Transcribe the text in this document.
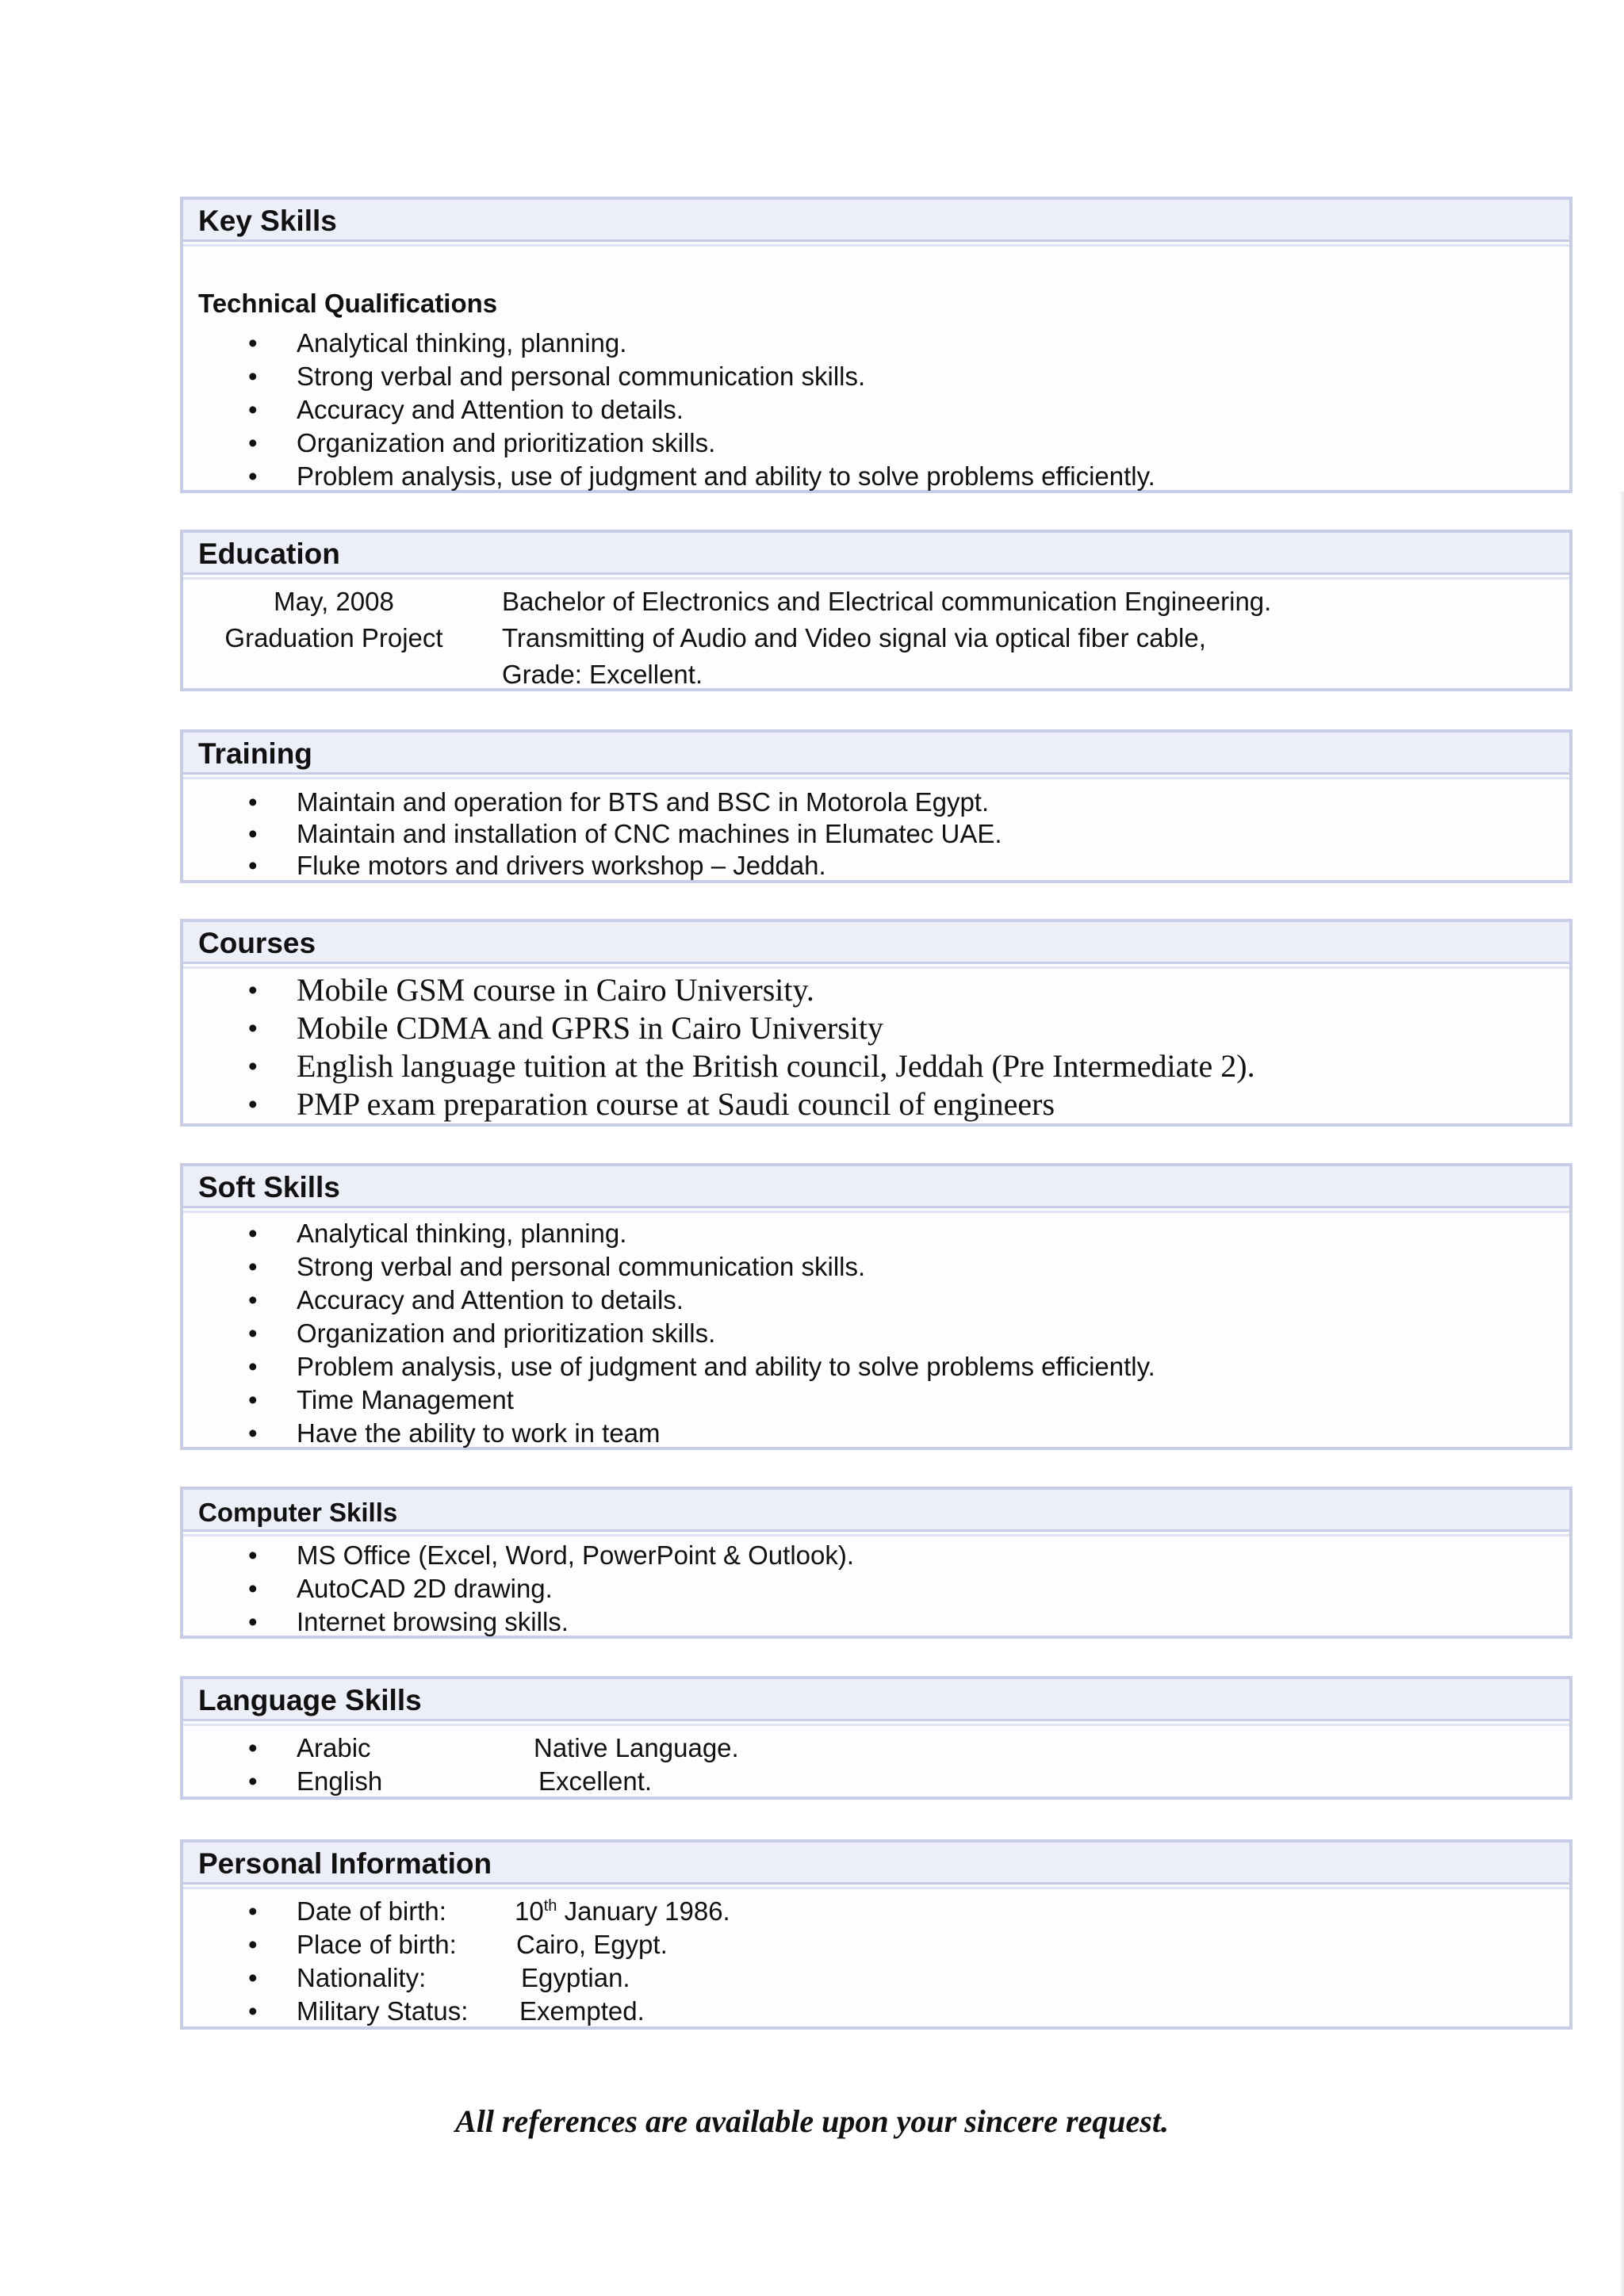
Key Skills
Technical Qualifications
• Analytical thinking, planning.
• Strong verbal and personal communication skills.
• Accuracy and Attention to details.
• Organization and prioritization skills.
• Problem analysis, use of judgment and ability to solve problems efficiently.
Education
May, 2008	Bachelor of Electronics and Electrical communication Engineering.
Graduation Project	Transmitting of Audio and Video signal via optical fiber cable,
Grade: Excellent.
Training
• Maintain and operation for BTS and BSC in Motorola Egypt.
• Maintain and installation of CNC machines in Elumatec UAE.
• Fluke motors and drivers workshop – Jeddah.
Courses
• Mobile GSM course in Cairo University.
• Mobile CDMA and GPRS in Cairo University
• English language tuition at the British council, Jeddah (Pre Intermediate 2).
• PMP exam preparation course at Saudi council of engineers
Soft Skills
• Analytical thinking, planning.
• Strong verbal and personal communication skills.
• Accuracy and Attention to details.
• Organization and prioritization skills.
• Problem analysis, use of judgment and ability to solve problems efficiently.
• Time Management
• Have the ability to work in team
Computer Skills
• MS Office (Excel, Word, PowerPoint & Outlook).
• AutoCAD 2D drawing.
• Internet browsing skills.
Language Skills
• Arabic	Native Language.
• English	Excellent.
Personal Information
• Date of birth:	10th January 1986.
• Place of birth: Cairo, Egypt.
• Nationality:	Egyptian.
• Military Status: Exempted.
All references are available upon your sincere request.
